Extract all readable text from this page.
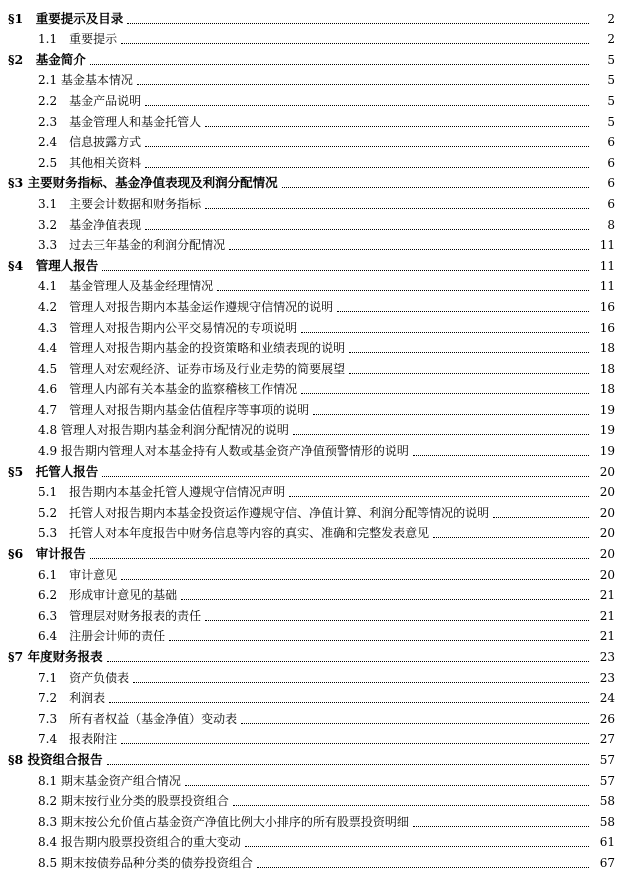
§1　重要提示及目录	2
1.1　重要提示	2
§2　基金简介	5
2.1 基金基本情况	5
2.2　基金产品说明	5
2.3　基金管理人和基金托管人	5
2.4　信息披露方式	6
2.5　其他相关资料	6
§3 主要财务指标、基金净值表现及利润分配情况	6
3.1　主要会计数据和财务指标	6
3.2　基金净值表现	8
3.3　过去三年基金的利润分配情况	11
§4　管理人报告	11
4.1　基金管理人及基金经理情况	11
4.2　管理人对报告期内本基金运作遵规守信情况的说明	16
4.3　管理人对报告期内公平交易情况的专项说明	16
4.4　管理人对报告期内基金的投资策略和业绩表现的说明	18
4.5　管理人对宏观经济、证券市场及行业走势的简要展望	18
4.6　管理人内部有关本基金的监察稽核工作情况	18
4.7　管理人对报告期内基金估值程序等事项的说明	19
4.8 管理人对报告期内基金利润分配情况的说明	19
4.9 报告期内管理人对本基金持有人数或基金资产净值预警情形的说明	19
§5　托管人报告	20
5.1　报告期内本基金托管人遵规守信情况声明	20
5.2　托管人对报告期内本基金投资运作遵规守信、净值计算、利润分配等情况的说明	20
5.3　托管人对本年度报告中财务信息等内容的真实、准确和完整发表意见	20
§6　审计报告	20
6.1　审计意见	20
6.2　形成审计意见的基础	21
6.3　管理层对财务报表的责任	21
6.4　注册会计师的责任	21
§7 年度财务报表	23
7.1　资产负债表	23
7.2　利润表	24
7.3　所有者权益（基金净值）变动表	26
7.4　报表附注	27
§8 投资组合报告	57
8.1 期末基金资产组合情况	57
8.2 期末按行业分类的股票投资组合	58
8.3 期末按公允价值占基金资产净值比例大小排序的所有股票投资明细	58
8.4 报告期内股票投资组合的重大变动	61
8.5 期末按债券品种分类的债券投资组合	67
